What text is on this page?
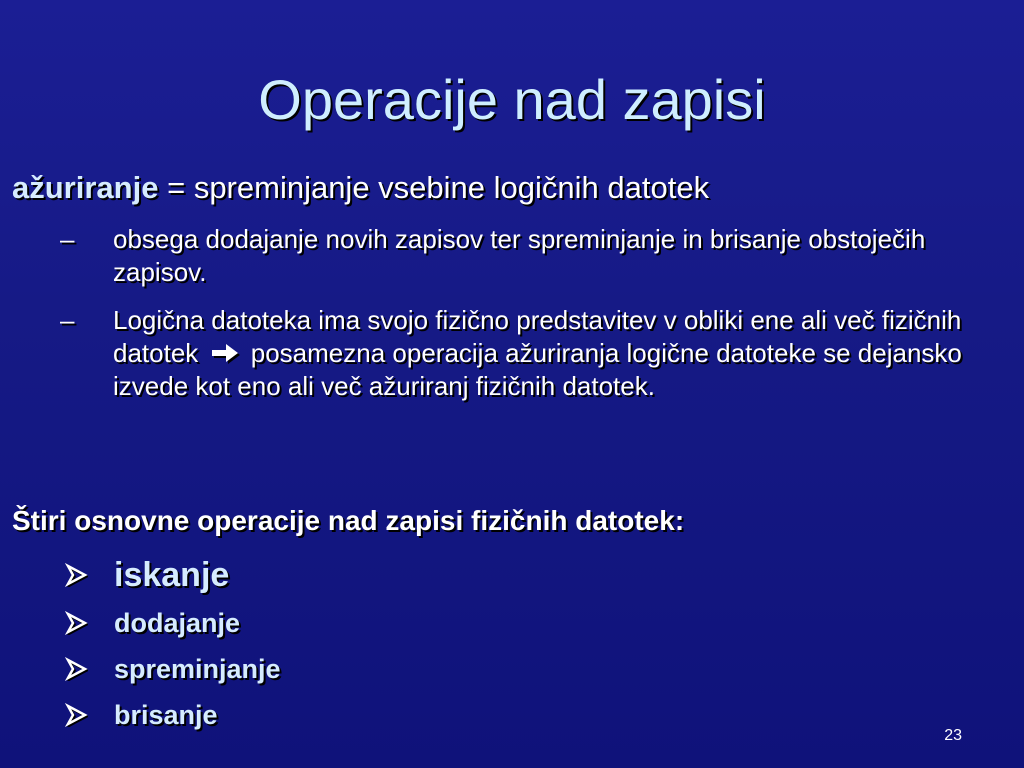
Operacije nad zapisi
ažuriranje = spreminjanje vsebine logičnih datotek
–	obsega dodajanje novih zapisov ter spreminjanje in brisanje obstoječih zapisov.
–	Logična datoteka ima svojo fizično predstavitev v obliki ene ali več fizičnih datotek posamezna operacija ažuriranja logične datoteke se dejansko izvede kot eno ali več ažuriranj fizičnih datotek.
Štiri osnovne operacije nad zapisi fizičnih datotek:
iskanje
dodajanje
spreminjanje
brisanje
23
